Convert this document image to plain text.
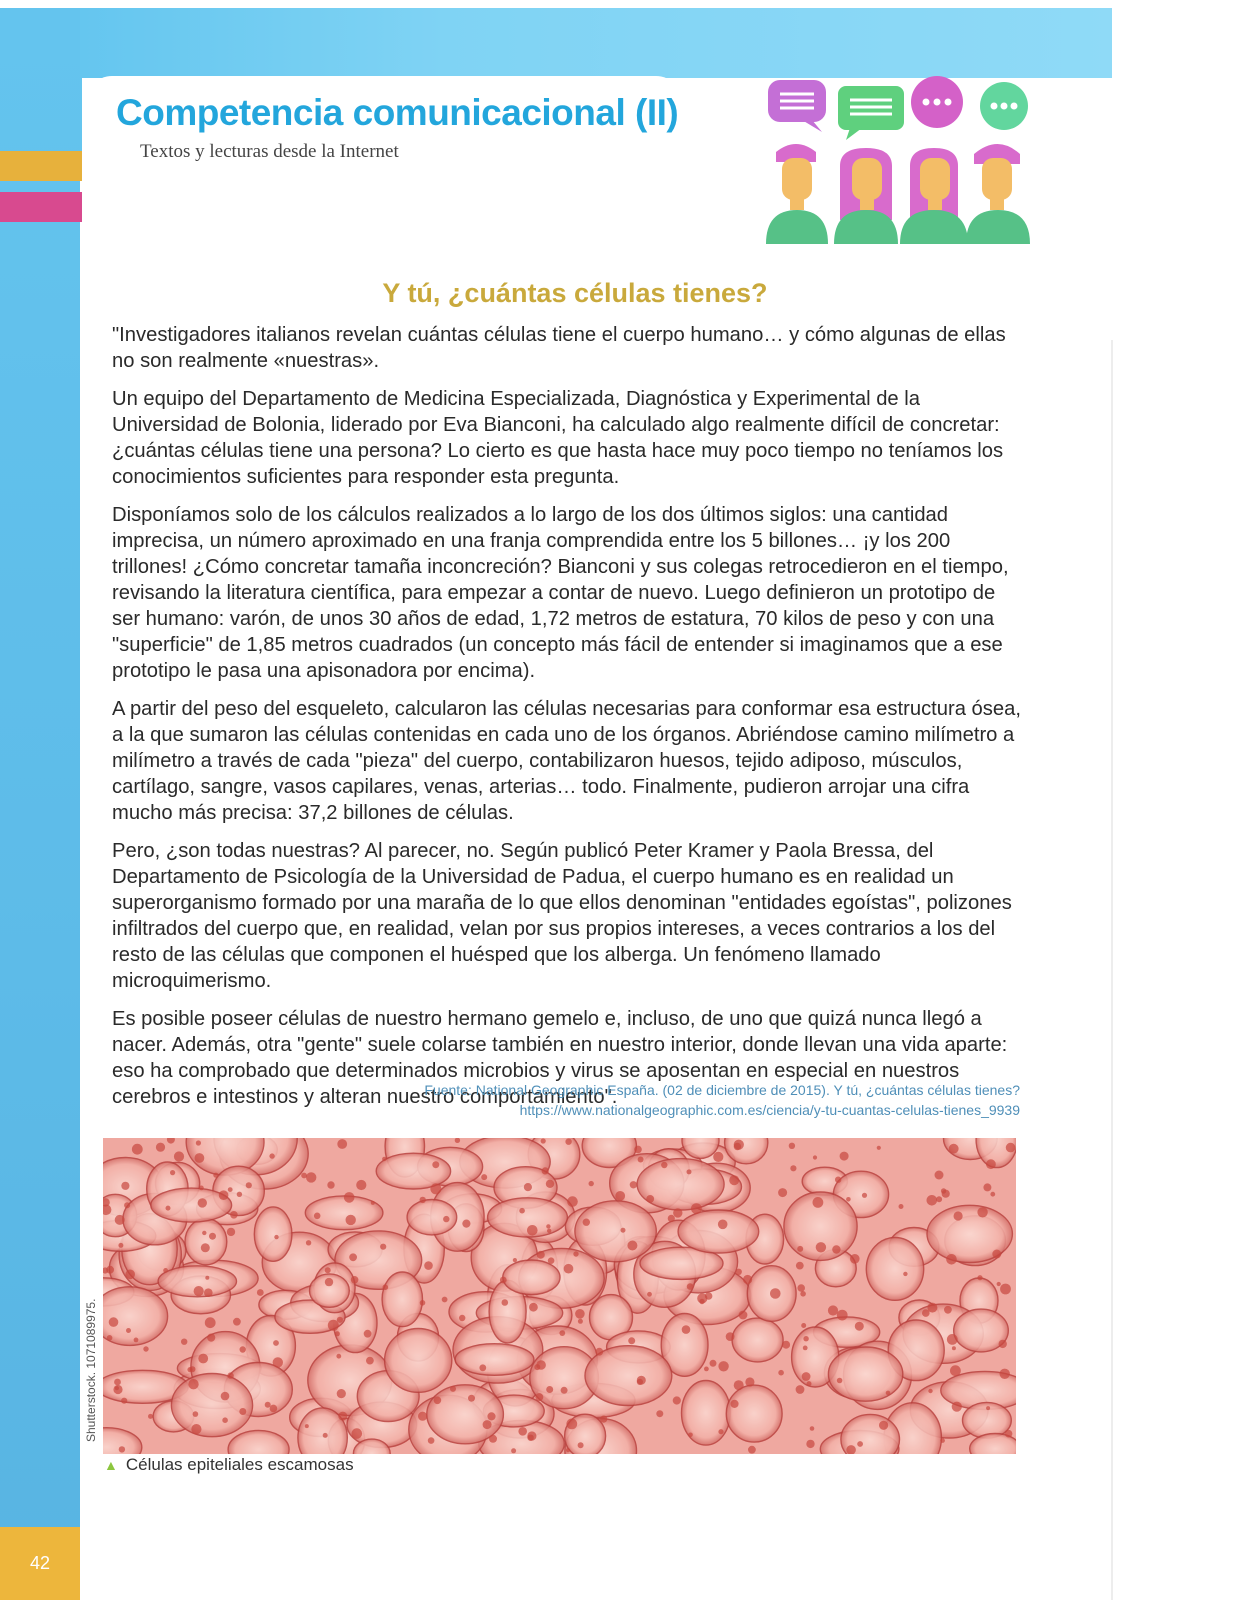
Competencia comunicacional (II)
Textos y lecturas desde la Internet
Y tú, ¿cuántas células tienes?

"Investigadores italianos revelan cuántas células tiene el cuerpo humano… y cómo algunas de ellas no son realmente «nuestras».

Un equipo del Departamento de Medicina Especializada, Diagnóstica y Experimental de la Universidad de Bolonia, liderado por Eva Bianconi, ha calculado algo realmente difícil de concretar: ¿cuántas células tiene una persona? Lo cierto es que hasta hace muy poco tiempo no teníamos los conocimientos suficientes para responder esta pregunta.

Disponíamos solo de los cálculos realizados a lo largo de los dos últimos siglos: una cantidad imprecisa, un número aproximado en una franja comprendida entre los 5 billones… ¡y los 200 trillones! ¿Cómo concretar tamaña inconcreción? Bianconi y sus colegas retrocedieron en el tiempo, revisando la literatura científica, para empezar a contar de nuevo. Luego definieron un prototipo de ser humano: varón, de unos 30 años de edad, 1,72 metros de estatura, 70 kilos de peso y con una "superficie" de 1,85 metros cuadrados (un concepto más fácil de entender si imaginamos que a ese prototipo le pasa una apisonadora por encima).

A partir del peso del esqueleto, calcularon las células necesarias para conformar esa estructura ósea, a la que sumaron las células contenidas en cada uno de los órganos. Abriéndose camino milímetro a milímetro a través de cada "pieza" del cuerpo, contabilizaron huesos, tejido adiposo, músculos, cartílago, sangre, vasos capilares, venas, arterias… todo. Finalmente, pudieron arrojar una cifra mucho más precisa: 37,2 billones de células.

Pero, ¿son todas nuestras? Al parecer, no. Según publicó Peter Kramer y Paola Bressa, del Departamento de Psicología de la Universidad de Padua, el cuerpo humano es en realidad un superorganismo formado por una maraña de lo que ellos denominan "entidades egoístas", polizones infiltrados del cuerpo que, en realidad, velan por sus propios intereses, a veces contrarios a los del resto de las células que componen el huésped que los alberga. Un fenómeno llamado microquimerismo.

Es posible poseer células de nuestro hermano gemelo e, incluso, de uno que quizá nunca llegó a nacer. Además, otra "gente" suele colarse también en nuestro interior, donde llevan una vida aparte: eso ha comprobado que determinados microbios y virus se aposentan en especial en nuestros cerebros e intestinos y alteran nuestro comportamiento".

Fuente: National Geographic España. (02 de diciembre de 2015). Y tú, ¿cuántas células tienes?
https://www.nationalgeographic.com.es/ciencia/y-tu-cuantas-celulas-tienes_9939
Shutterstock. 1071089975.
▲ Células epiteliales escamosas
42
